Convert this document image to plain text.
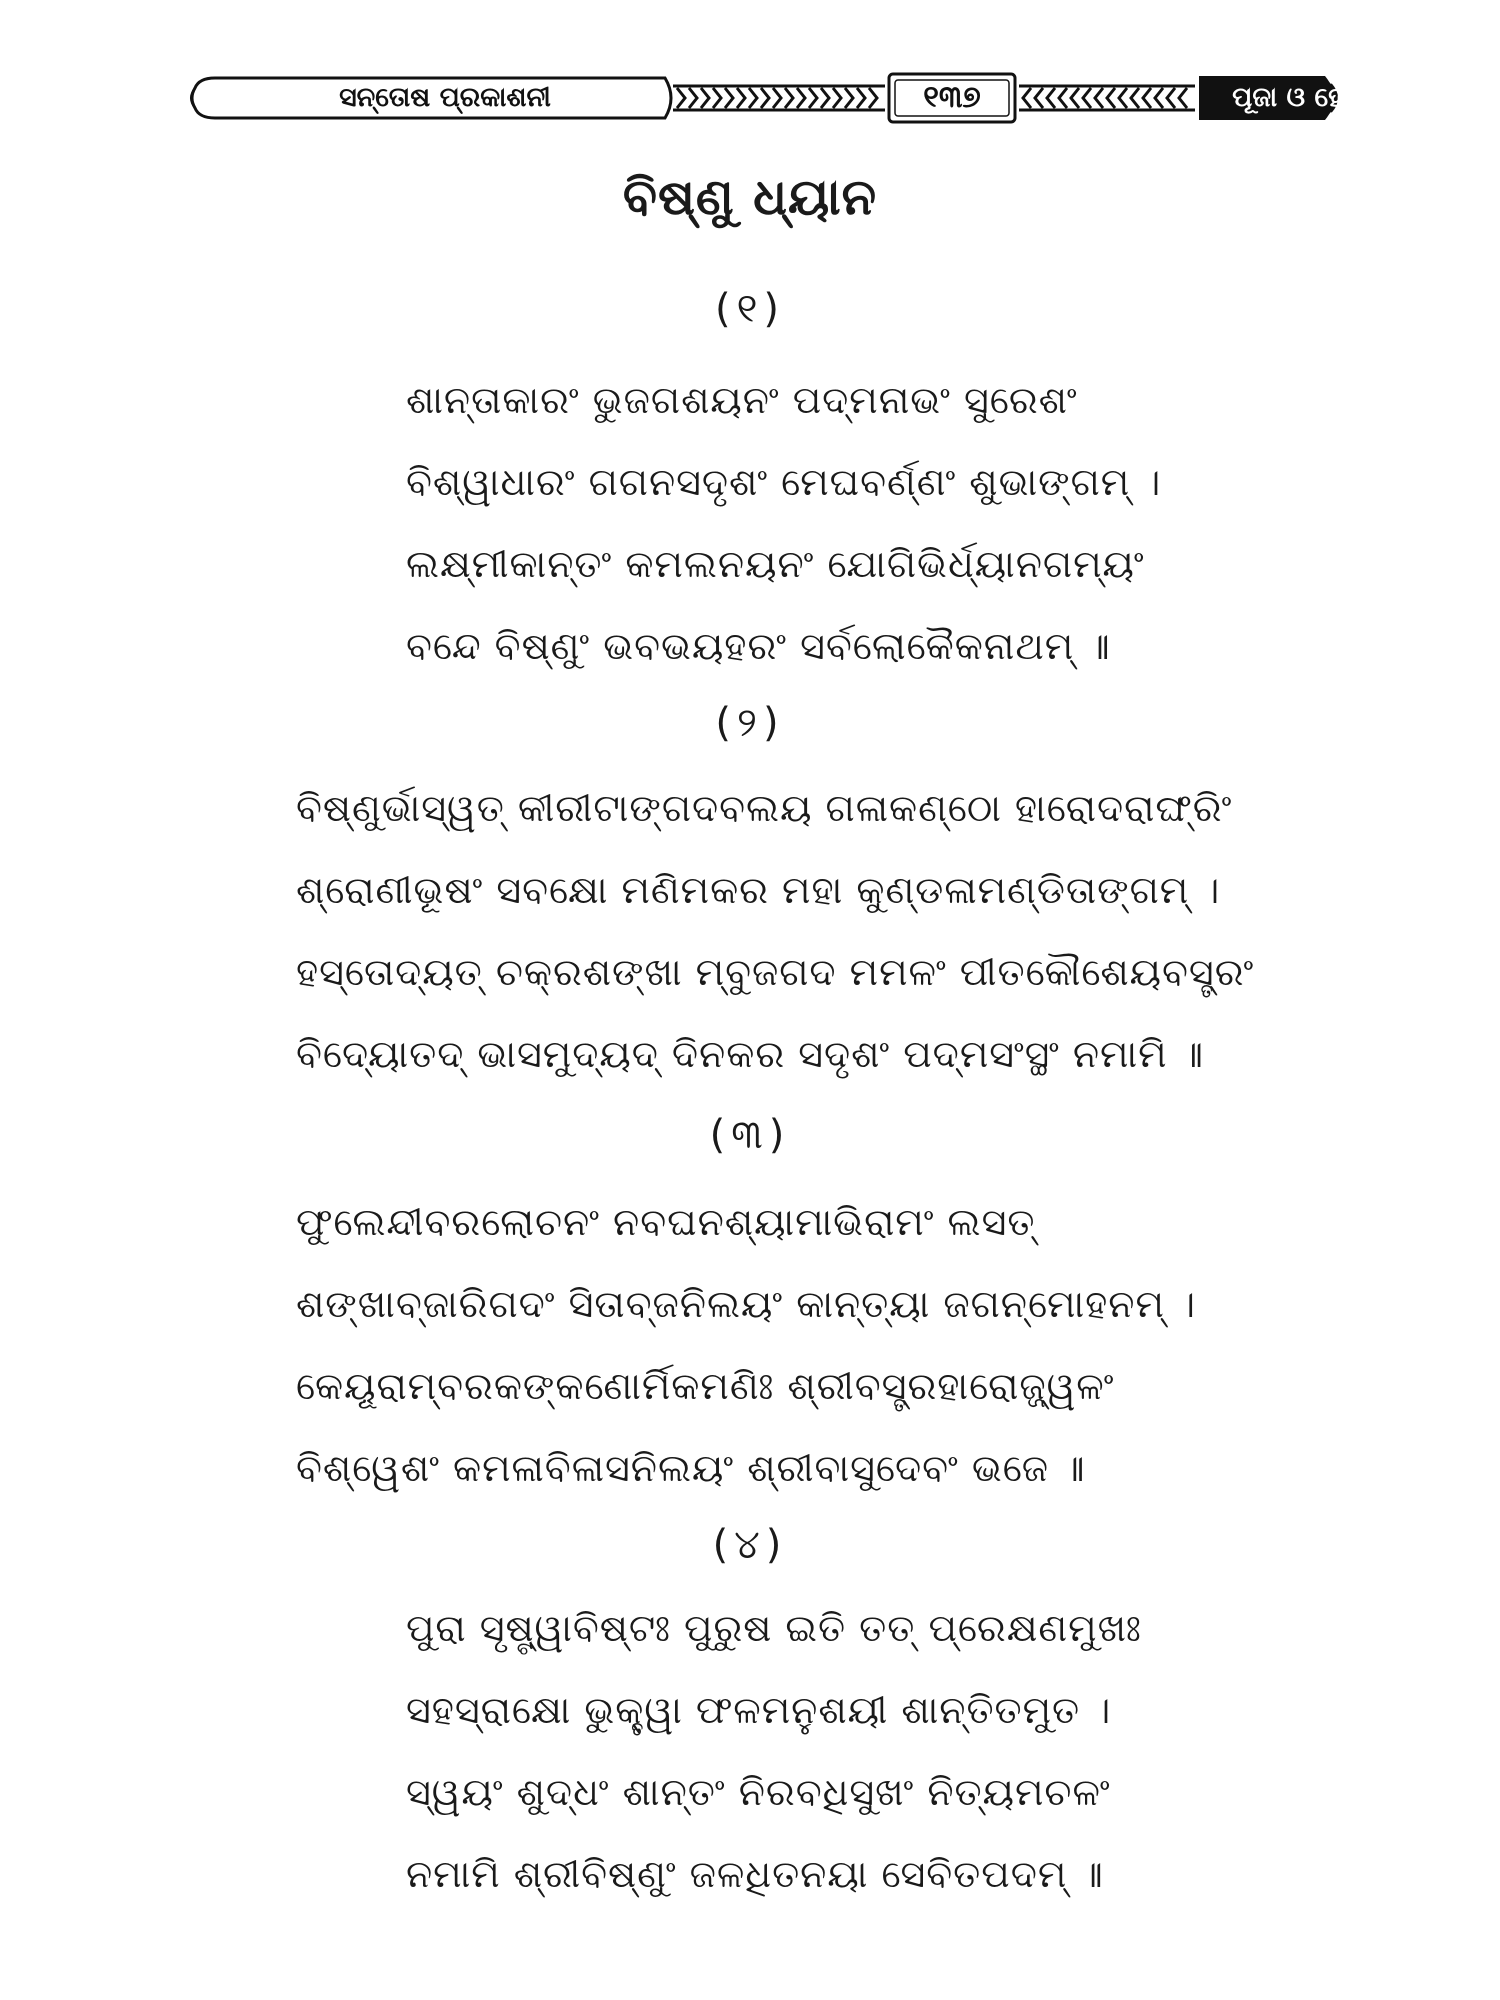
ସନ୍ତୋଷ ପ୍ରକାଶନୀ	୧୩୭	ପୂଜା ଓ ହୋମ ପଦ୍ଧତି
ବିଷ୍ଣୁ ଧ୍ୟାନ
(୧)
ଶାନ୍ତାକାରଂ ଭୁଜଗଶୟନଂ ପଦ୍ମନାଭଂ ସୁରେଶଂ
ବିଶ୍ୱାଧାରଂ ଗଗନସଦୃଶଂ ମେଘବର୍ଣ୍ଣଂ ଶୁଭାଙ୍ଗମ୍ ।
ଲକ୍ଷ୍ମୀକାନ୍ତଂ କମଲନୟନଂ ଯୋଗିଭିର୍ଧ୍ୟାନଗମ୍ୟଂ
ବନ୍ଦେ ବିଷ୍ଣୁଂ ଭବଭୟହରଂ ସର୍ବଲୋକୈକନାଥମ୍ ॥
(୨)
ବିଷ୍ଣୁର୍ଭାସ୍ୱତ୍ କୀରୀଟାଙ୍ଗଦବଲୟ ଗଳାକଣ୍ଠୋ ହାରୋଦରାଙ୍ଘ୍ରିଂ
ଶ୍ରୋଣୀଭୂଷଂ ସବକ୍ଷୋ ମଣିମକର ମହା କୁଣ୍ଡଳାମଣ୍ଡିତାଙ୍ଗମ୍ ।
ହସ୍ତୋଦ୍ୟତ୍ ଚକ୍ରଶଙ୍ଖା ମ୍ବୁଜଗଦ ମମଳଂ ପୀତକୌଶେୟବସ୍ତ୍ରଂ
ବିଦ୍ୟୋତଦ୍ ଭାସମୁଦ୍ୟଦ୍ ଦିନକର ସଦୃଶଂ ପଦ୍ମସଂସ୍ଥଂ ନମାମି ॥
(୩)
ଫୁଲେନ୍ଦୀବରଲୋଚନଂ ନବଘନଶ୍ୟାମାଭିରାମଂ ଲସତ୍
ଶଙ୍ଖାବ୍ଜାରିଗଦଂ ସିତାବ୍ଜନିଲୟଂ କାନ୍ତ୍ୟା ଜଗନ୍ମୋହନମ୍ ।
କେୟୂରାମ୍ବରକଙ୍କଣୋର୍ମିକମଣିଃ ଶ୍ରୀବସ୍ତ୍ରହାରୋଜ୍ଜ୍ୱଳଂ
ବିଶ୍ୱେଶଂ କମଳାବିଳାସନିଲୟଂ ଶ୍ରୀବାସୁଦେବଂ ଭଜେ ॥
(୪)
ପୁରା ସୃଷ୍ଟ୍ୱାବିଷ୍ଟଃ ପୁରୁଷ ଇତି ତତ୍ ପ୍ରେକ୍ଷଣମୁଖଃ
ସହସ୍ରାକ୍ଷୋ ଭୁକ୍ତ୍ୱା ଫଳମନୁଶୟୀ ଶାନ୍ତିତମୁତ ।
ସ୍ୱୟଂ ଶୁଦ୍ଧଂ ଶାନ୍ତଂ ନିରବଧିସୁଖଂ ନିତ୍ୟମଚଳଂ
ନମାମି ଶ୍ରୀବିଷ୍ଣୁଂ ଜଳଧିତନୟା ସେବିତପଦମ୍ ॥
